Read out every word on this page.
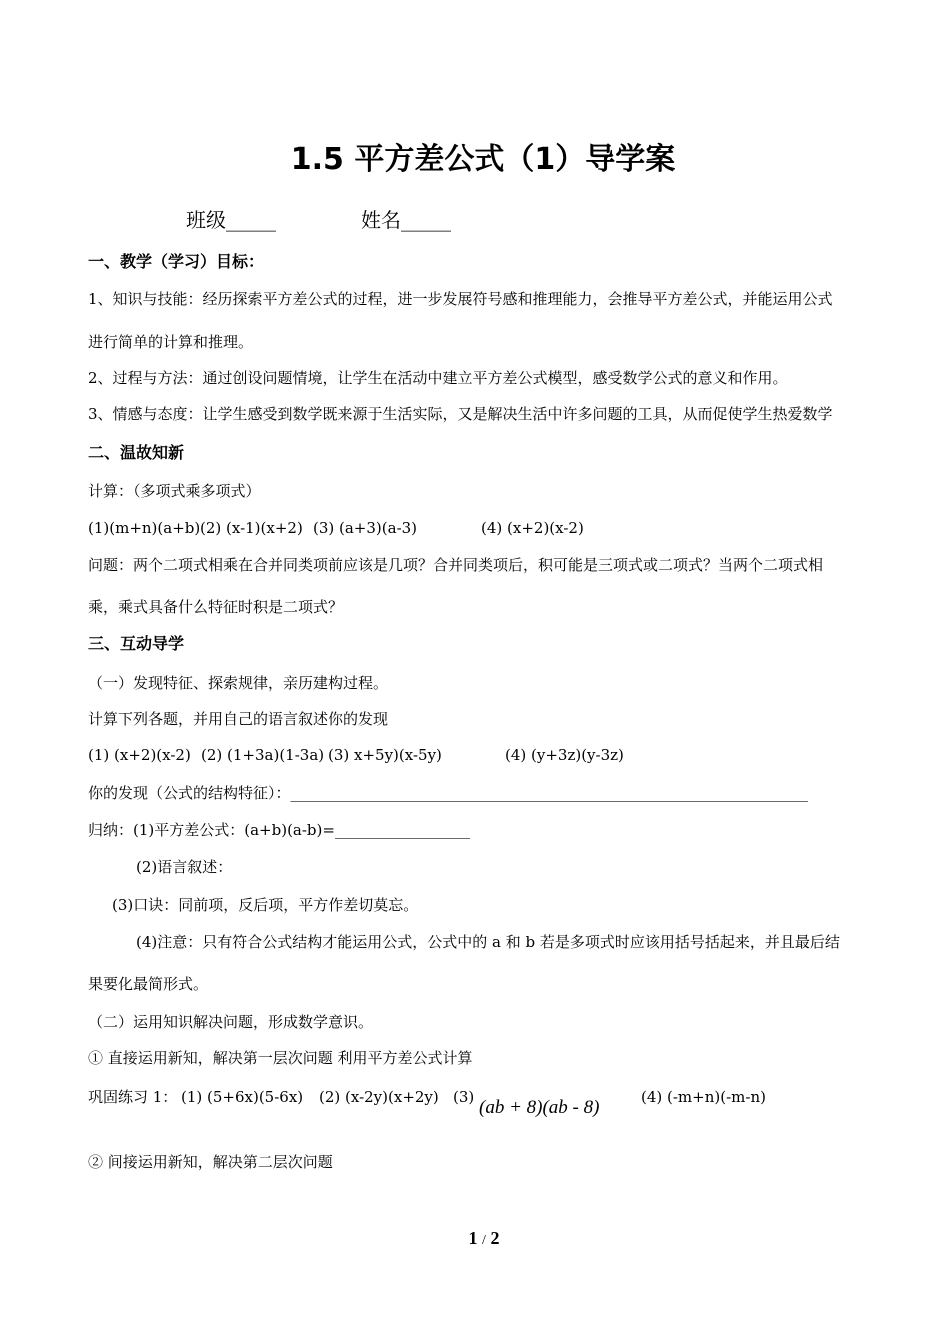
1.5 平方差公式（1）导学案
班级_____	姓名_____
一、教学（学习）目标：
1、知识与技能：经历探索平方差公式的过程，进一步发展符号感和推理能力，会推导平方差公式，并能运用公式
进行简单的计算和推理。
2、过程与方法：通过创设问题情境，让学生在活动中建立平方差公式模型，感受数学公式的意义和作用。
3、情感与态度：让学生感受到数学既来源于生活实际，又是解决生活中许多问题的工具，从而促使学生热爱数学
二、温故知新
计算：（多项式乘多项式）
(1)(m+n)(a+b) (2) (x-1)(x+2) (3) (a+3)(a-3)	(4) (x+2)(x-2)
问题：两个二项式相乘在合并同类项前应该是几项？合并同类项后，积可能是三项式或二项式？当两个二项式相
乘，乘式具备什么特征时积是二项式？
三、互动导学
（一）发现特征、探索规律，亲历建构过程。
计算下列各题，并用自己的语言叙述你的发现
(1) (x+2)(x-2) (2) (1+3a)(1-3a) (3) x+5y)(x-5y)	(4) (y+3z)(y-3z)
你的发现（公式的结构特征）：_____________________________________________________________________
归纳：(1)平方差公式：(a+b)(a-b)=__________________
(2)语言叙述：
(3)口诀：同前项，反后项，平方作差切莫忘。
(4)注意：只有符合公式结构才能运用公式，公式中的 a 和 b 若是多项式时应该用括号括起来，并且最后结
果要化最简形式。
（二）运用知识解决问题，形成数学意识。
① 直接运用新知，解决第一层次问题 利用平方差公式计算
巩固练习 1： (1) (5+6x)(5-6x) (2) (x-2y)(x+2y) (3) (ab + 8)(ab - 8)	(4) (-m+n)(-m-n)
② 间接运用新知，解决第二层次问题
1 / 2
